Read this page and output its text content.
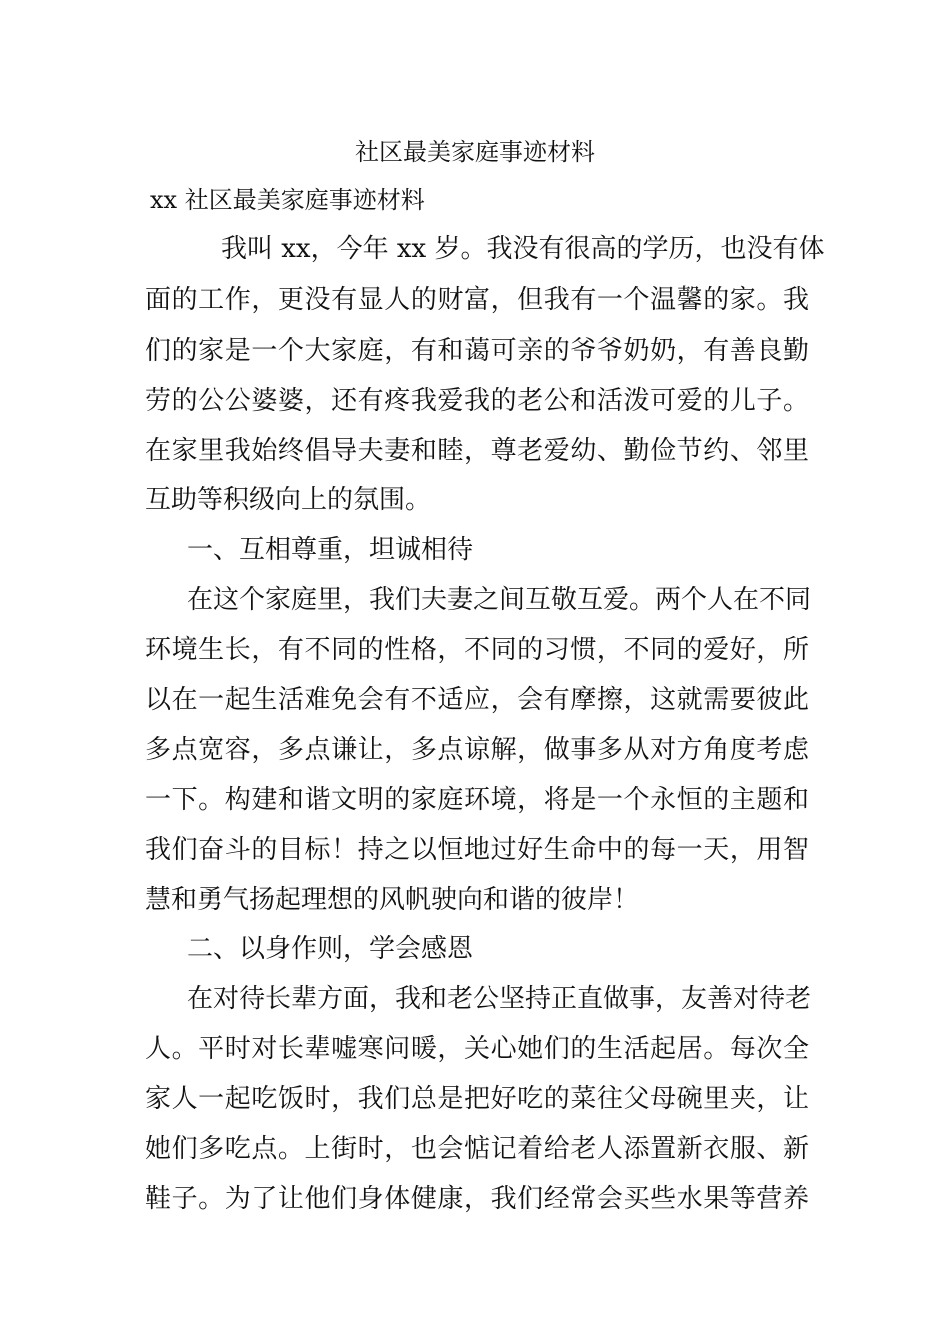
社区最美家庭事迹材料
xx 社区最美家庭事迹材料
我叫 xx，今年 xx 岁。我没有很高的学历，也没有体
面的工作，更没有显人的财富，但我有一个温馨的家。我
们的家是一个大家庭，有和蔼可亲的爷爷奶奶，有善良勤
劳的公公婆婆，还有疼我爱我的老公和活泼可爱的儿子。
在家里我始终倡导夫妻和睦，尊老爱幼、勤俭节约、邻里
互助等积级向上的氛围。
一、互相尊重，坦诚相待
在这个家庭里，我们夫妻之间互敬互爱。两个人在不同
环境生长，有不同的性格，不同的习惯，不同的爱好，所
以在一起生活难免会有不适应，会有摩擦，这就需要彼此
多点宽容，多点谦让，多点谅解，做事多从对方角度考虑
一下。构建和谐文明的家庭环境，将是一个永恒的主题和
我们奋斗的目标！持之以恒地过好生命中的每一天，用智
慧和勇气扬起理想的风帆驶向和谐的彼岸！
二、以身作则，学会感恩
在对待长辈方面，我和老公坚持正直做事，友善对待老
人。平时对长辈嘘寒问暖，关心她们的生活起居。每次全
家人一起吃饭时，我们总是把好吃的菜往父母碗里夹，让
她们多吃点。上街时，也会惦记着给老人添置新衣服、新
鞋子。为了让他们身体健康，我们经常会买些水果等营养
